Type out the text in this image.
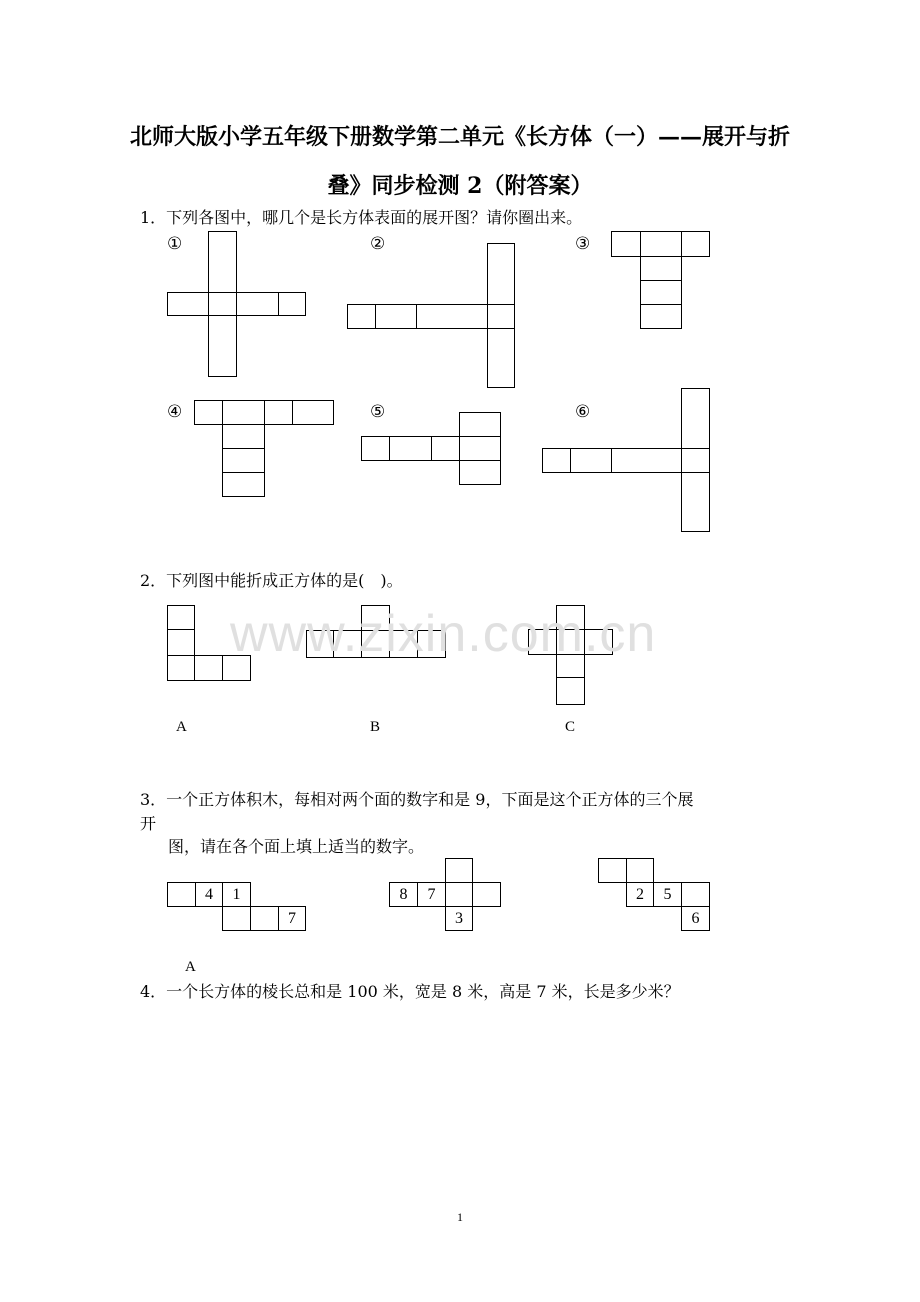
北师大版小学五年级下册数学第二单元《长方体（一）——展开与折
叠》同步检测 2（附答案）
1．下列各图中，哪几个是长方体表面的展开图？请你圈出来。
①	②	③
④	⑤	⑥
2．下列图中能折成正方体的是(　)。
A	B	C
www.zixin.com.cn
3．一个正方体积木，每相对两个面的数字和是 9，下面是这个正方体的三个展
开
图，请在各个面上填上适当的数字。
4	1
7
8	7
3
2	5
6
A
4．一个长方体的棱长总和是 100 米，宽是 8 米，高是 7 米，长是多少米？
1
